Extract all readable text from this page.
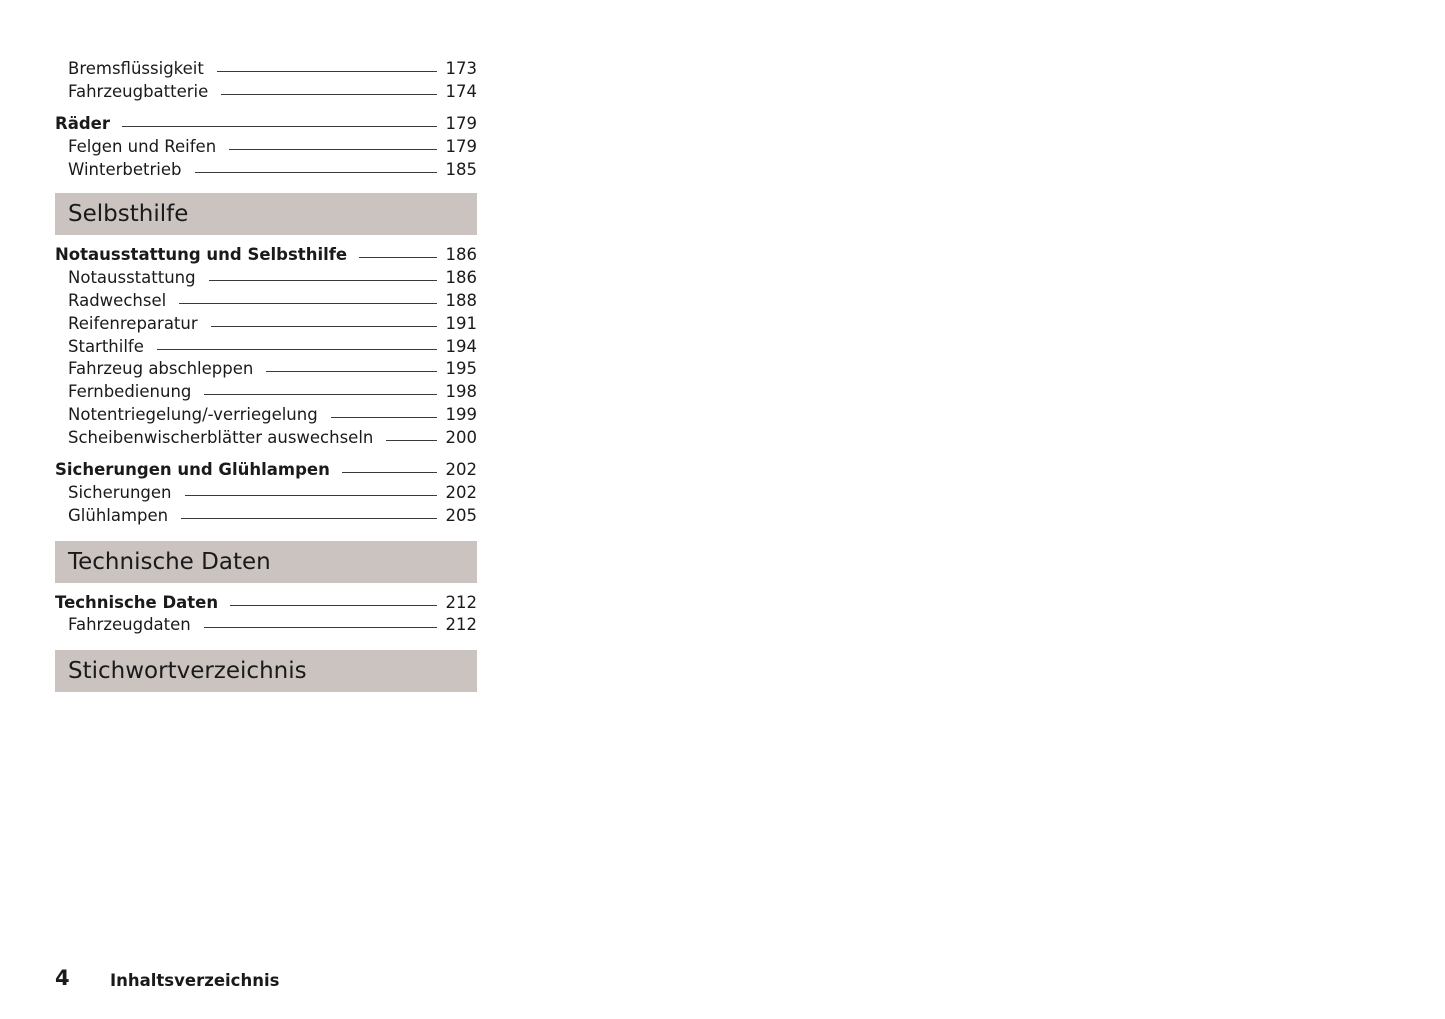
Bremsflüssigkeit	173
Fahrzeugbatterie	174
Räder	179
Felgen und Reifen	179
Winterbetrieb	185
Selbsthilfe
Notausstattung und Selbsthilfe	186
Notausstattung	186
Radwechsel	188
Reifenreparatur	191
Starthilfe	194
Fahrzeug abschleppen	195
Fernbedienung	198
Notentriegelung/-verriegelung	199
Scheibenwischerblätter auswechseln	200
Sicherungen und Glühlampen	202
Sicherungen	202
Glühlampen	205
Technische Daten
Technische Daten	212
Fahrzeugdaten	212
Stichwortverzeichnis
4 Inhaltsverzeichnis
